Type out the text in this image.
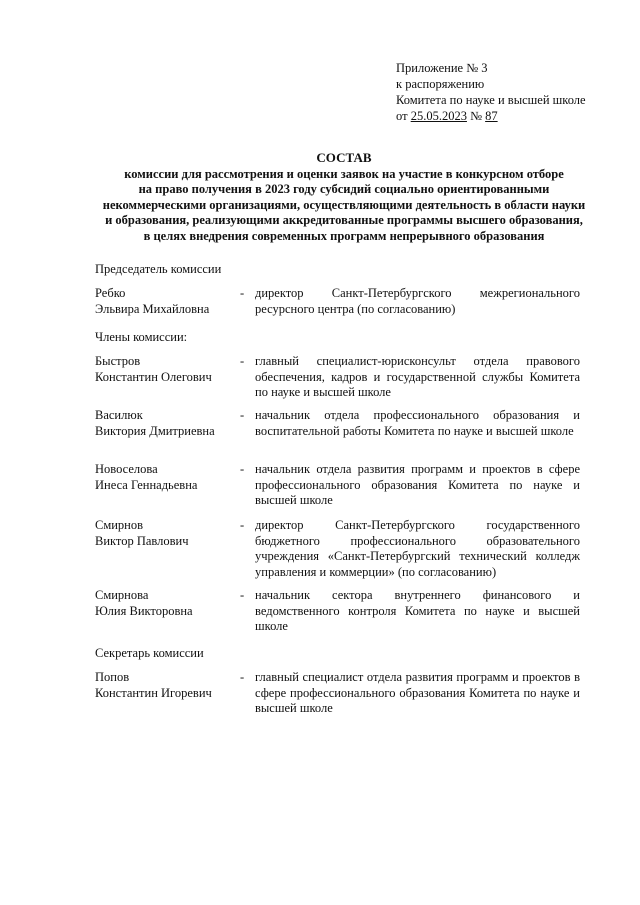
Приложение № 3
к распоряжению
Комитета по науке и высшей школе
от 25.05.2023 № 87
СОСТАВ
комиссии для рассмотрения и оценки заявок на участие в конкурсном отборе
на право получения в 2023 году субсидий социально ориентированными
некоммерческими организациями, осуществляющими деятельность в области науки
и образования, реализующими аккредитованные программы высшего образования,
в целях внедрения современных программ непрерывного образования
Председатель комиссии
Ребко
Эльвира Михайловна
- директор Санкт-Петербургского межрегионального ресурсного центра (по согласованию)
Члены комиссии:
Быстров
Константин Олегович
- главный специалист-юрисконсульт отдела правового обеспечения, кадров и государственной службы Комитета по науке и высшей школе
Василюк
Виктория Дмитриевна
- начальник отдела профессионального образования и воспитательной работы Комитета по науке и высшей школе
Новоселова
Инеса Геннадьевна
- начальник отдела развития программ и проектов в сфере профессионального образования Комитета по науке и высшей школе
Смирнов
Виктор Павлович
- директор Санкт-Петербургского государственного бюджетного профессионального образовательного учреждения «Санкт-Петербургский технический колледж управления и коммерции» (по согласованию)
Смирнова
Юлия Викторовна
- начальник сектора внутреннего финансового и ведомственного контроля Комитета по науке и высшей школе
Секретарь комиссии
Попов
Константин Игоревич
- главный специалист отдела развития программ и проектов в сфере профессионального образования Комитета по науке и высшей школе
